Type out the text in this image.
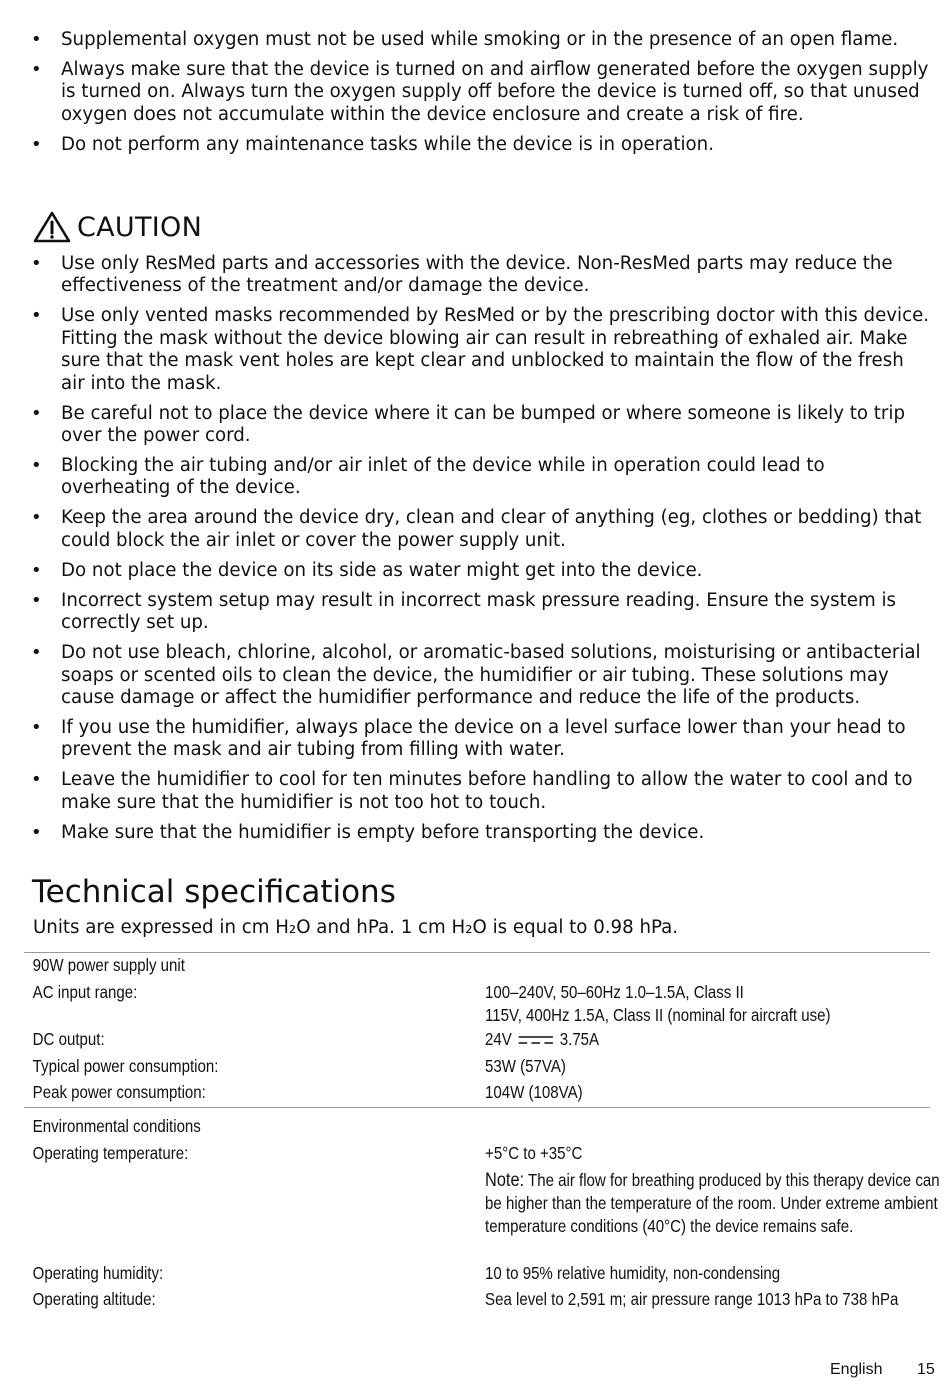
• Supplemental oxygen must not be used while smoking or in the presence of an open flame.
• Always make sure that the device is turned on and airflow generated before the oxygen supply is turned on. Always turn the oxygen supply off before the device is turned off, so that unused oxygen does not accumulate within the device enclosure and create a risk of fire.
• Do not perform any maintenance tasks while the device is in operation.
CAUTION
• Use only ResMed parts and accessories with the device. Non-ResMed parts may reduce the effectiveness of the treatment and/or damage the device.
• Use only vented masks recommended by ResMed or by the prescribing doctor with this device. Fitting the mask without the device blowing air can result in rebreathing of exhaled air. Make sure that the mask vent holes are kept clear and unblocked to maintain the flow of the fresh air into the mask.
• Be careful not to place the device where it can be bumped or where someone is likely to trip over the power cord.
• Blocking the air tubing and/or air inlet of the device while in operation could lead to overheating of the device.
• Keep the area around the device dry, clean and clear of anything (eg, clothes or bedding) that could block the air inlet or cover the power supply unit.
• Do not place the device on its side as water might get into the device.
• Incorrect system setup may result in incorrect mask pressure reading. Ensure the system is correctly set up.
• Do not use bleach, chlorine, alcohol, or aromatic-based solutions, moisturising or antibacterial soaps or scented oils to clean the device, the humidifier or air tubing. These solutions may cause damage or affect the humidifier performance and reduce the life of the products.
• If you use the humidifier, always place the device on a level surface lower than your head to prevent the mask and air tubing from filling with water.
• Leave the humidifier to cool for ten minutes before handling to allow the water to cool and to make sure that the humidifier is not too hot to touch.
• Make sure that the humidifier is empty before transporting the device.
Technical specifications
Units are expressed in cm H₂O and hPa. 1 cm H₂O is equal to 0.98 hPa.
90W power supply unit
AC input range:	100–240V, 50–60Hz 1.0–1.5A, Class II
115V, 400Hz 1.5A, Class II (nominal for aircraft use)
DC output:	24V	3.75A
Typical power consumption:	53W (57VA)
Peak power consumption:	104W (108VA)
Environmental conditions
Operating temperature:	+5°C to +35°C
Note: The air flow for breathing produced by this therapy device can be higher than the temperature of the room. Under extreme ambient temperature conditions (40°C) the device remains safe.
Operating humidity:	10 to 95% relative humidity, non-condensing
Operating altitude:	Sea level to 2,591 m; air pressure range 1013 hPa to 738 hPa
English 15
